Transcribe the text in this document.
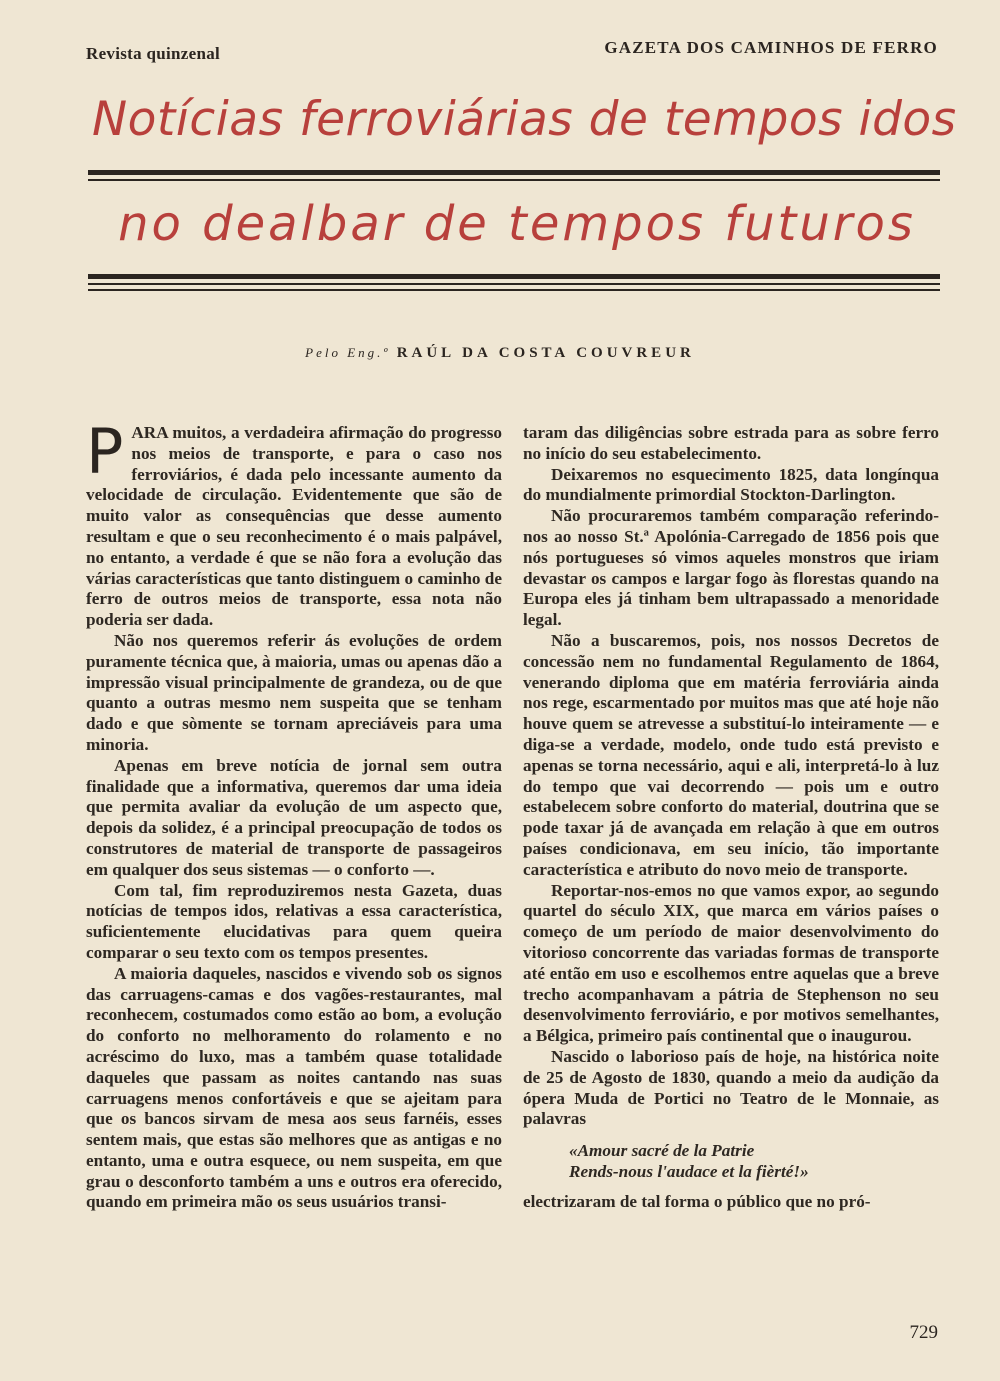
Revista quinzenal	GAZETA DOS CAMINHOS DE FERRO
Notícias ferroviárias de tempos idos
no dealbar de tempos futuros
Pelo Eng.º RAÚL DA COSTA COUVREUR

PARA muitos, a verdadeira afirmação do progresso nos meios de transporte, e para o caso nos ferroviários, é dada pelo incessante aumento da velocidade de circulação. Evidentemente que são de muito valor as consequências que desse aumento resultam e que o seu reconhecimento é o mais palpável, no entanto, a verdade é que se não fora a evolução das várias características que tanto distinguem o caminho de ferro de outros meios de transporte, essa nota não poderia ser dada.

Não nos queremos referir ás evoluções de ordem puramente técnica que, à maioria, umas ou apenas dão a impressão visual principalmente de grandeza, ou de que quanto a outras mesmo nem suspeita que se tenham dado e que sòmente se tornam apreciáveis para uma minoria.

Apenas em breve notícia de jornal sem outra finalidade que a informativa, queremos dar uma ideia que permita avaliar da evolução de um aspecto que, depois da solidez, é a principal preocupação de todos os construtores de material de transporte de passageiros em qualquer dos seus sistemas — o conforto —.

Com tal, fim reproduziremos nesta Gazeta, duas notícias de tempos idos, relativas a essa característica, suficientemente elucidativas para quem queira comparar o seu texto com os tempos presentes.

A maioria daqueles, nascidos e vivendo sob os signos das carruagens-camas e dos vagões-restaurantes, mal reconhecem, costumados como estão ao bom, a evolução do conforto no melhoramento do rolamento e no acréscimo do luxo, mas a também quase totalidade daqueles que passam as noites cantando nas suas carruagens menos confortáveis e que se ajeitam para que os bancos sirvam de mesa aos seus farnéis, esses sentem mais, que estas são melhores que as antigas e no entanto, uma e outra esquece, ou nem suspeita, em que grau o desconforto também a uns e outros era oferecido, quando em primeira mão os seus usuários transi-

taram das diligências sobre estrada para as sobre ferro no início do seu estabelecimento.

Deixaremos no esquecimento 1825, data longínqua do mundialmente primordial Stockton-Darlington.

Não procuraremos também comparação referindo-nos ao nosso St.ª Apolónia-Carregado de 1856 pois que nós portugueses só vimos aqueles monstros que iriam devastar os campos e largar fogo às florestas quando na Europa eles já tinham bem ultrapassado a menoridade legal.

Não a buscaremos, pois, nos nossos Decretos de concessão nem no fundamental Regulamento de 1864, venerando diploma que em matéria ferroviária ainda nos rege, escarmentado por muitos mas que até hoje não houve quem se atrevesse a substituí-lo inteiramente — e diga-se a verdade, modelo, onde tudo está previsto e apenas se torna necessário, aqui e ali, interpretá-lo à luz do tempo que vai decorrendo — pois um e outro estabelecem sobre conforto do material, doutrina que se pode taxar já de avançada em relação à que em outros países condicionava, em seu início, tão importante característica e atributo do novo meio de transporte.

Reportar-nos-emos no que vamos expor, ao segundo quartel do século XIX, que marca em vários países o começo de um período de maior desenvolvimento do vitorioso concorrente das variadas formas de transporte até então em uso e escolhemos entre aquelas que a breve trecho acompanhavam a pátria de Stephenson no seu desenvolvimento ferroviário, e por motivos semelhantes, a Bélgica, primeiro país continental que o inaugurou.

Nascido o laborioso país de hoje, na histórica noite de 25 de Agosto de 1830, quando a meio da audição da ópera Muda de Portici no Teatro de le Monnaie, as palavras

«Amour sacré de la Patrie
Rends-nous l'audace et la fièrté!»

electrizaram de tal forma o público que no pró-

729
